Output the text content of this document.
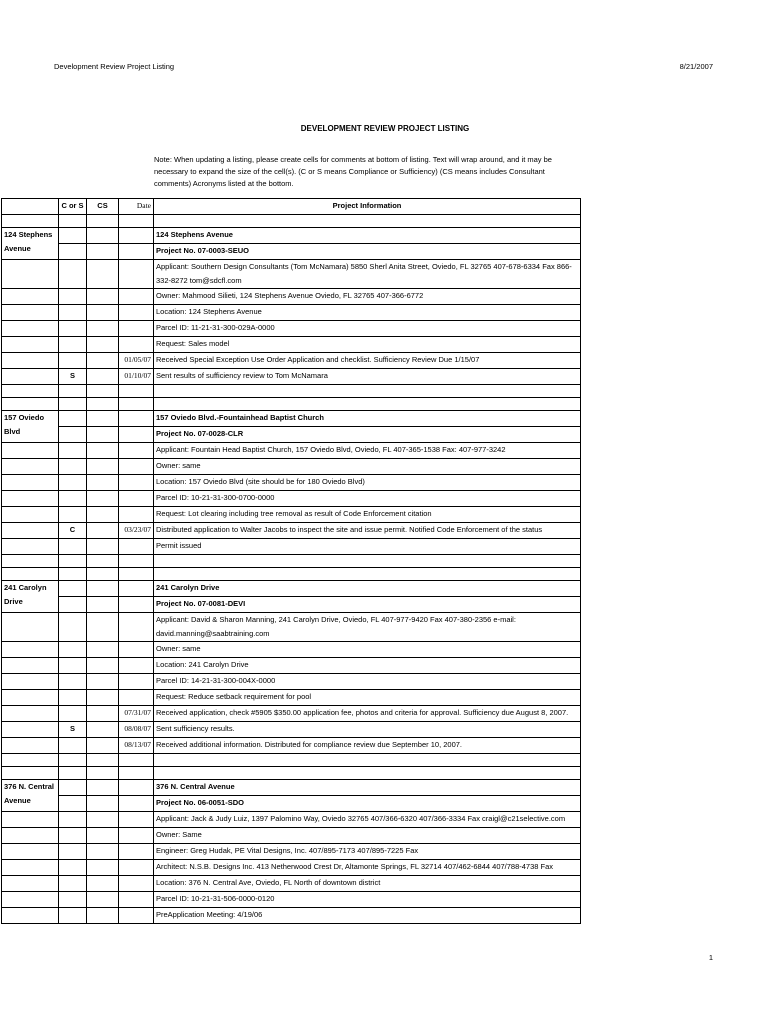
Development Review Project Listing	8/21/2007
DEVELOPMENT REVIEW PROJECT LISTING
Note: When updating a listing, please create cells for comments at bottom of listing. Text will wrap around, and it may be necessary to expand the size of the cell(s). (C or S means Compliance or Sufficiency) (CS means includes Consultant comments) Acronyms listed at the bottom.
	C or S	CS	Date	Project Information

124 Stephens Avenue				124 Stephens Avenue
				Project No. 07-0003-SEUO
				Applicant: Southern Design Consultants (Tom McNamara) 5850 Sherl Anita Street, Oviedo, FL 32765 407-678-6334 Fax 866-332-8272 tom@sdcfl.com
				Owner: Mahmood Silieti, 124 Stephens Avenue Oviedo, FL 32765 407-366-6772
				Location: 124 Stephens Avenue
				Parcel ID: 11-21-31-300-029A-0000
				Request: Sales model
			01/05/07	Received Special Exception Use Order Application and checklist. Sufficiency Review Due 1/15/07
	S		01/10/07	Sent results of sufficiency review to Tom McNamara

157 Oviedo Blvd				157 Oviedo Blvd.-Fountainhead Baptist Church
				Project No. 07-0028-CLR
				Applicant: Fountain Head Baptist Church, 157 Oviedo Blvd, Oviedo, FL 407-365-1538 Fax: 407-977-3242
				Owner: same
				Location: 157 Oviedo Blvd (site should be for 180 Oviedo Blvd)
				Parcel ID: 10-21-31-300-0700-0000
				Request: Lot clearing including tree removal as result of Code Enforcement citation
	C		03/23/07	Distributed application to Walter Jacobs to inspect the site and issue permit. Notified Code Enforcement of the status
				Permit issued

241 Carolyn Drive				241 Carolyn Drive
				Project No. 07-0081-DEVI
				Applicant: David & Sharon Manning, 241 Carolyn Drive, Oviedo, FL 407-977-9420 Fax 407-380-2356 e-mail: david.manning@saabtraining.com
				Owner: same
				Location: 241 Carolyn Drive
				Parcel ID: 14-21-31-300-004X-0000
				Request: Reduce setback requirement for pool
			07/31/07	Received application, check #5905 $350.00 application fee, photos and criteria for approval. Sufficiency due August 8, 2007.
	S		08/08/07	Sent sufficiency results.
			08/13/07	Received additional information. Distributed for compliance review due September 10, 2007.

376 N. Central Avenue				376 N. Central Avenue
				Project No. 06-0051-SDO
				Applicant: Jack & Judy Luiz, 1397 Palomino Way, Oviedo 32765 407/366-6320 407/366-3334 Fax craigl@c21selective.com
				Owner: Same
				Engineer: Greg Hudak, PE Vital Designs, Inc. 407/895-7173 407/895-7225 Fax
				Architect: N.S.B. Designs Inc. 413 Netherwood Crest Dr, Altamonte Springs, FL 32714 407/462-6844 407/788-4738 Fax
				Location: 376 N. Central Ave, Oviedo, FL North of downtown district
				Parcel ID: 10-21-31-506-0000-0120
				PreApplication Meeting: 4/19/06
1
